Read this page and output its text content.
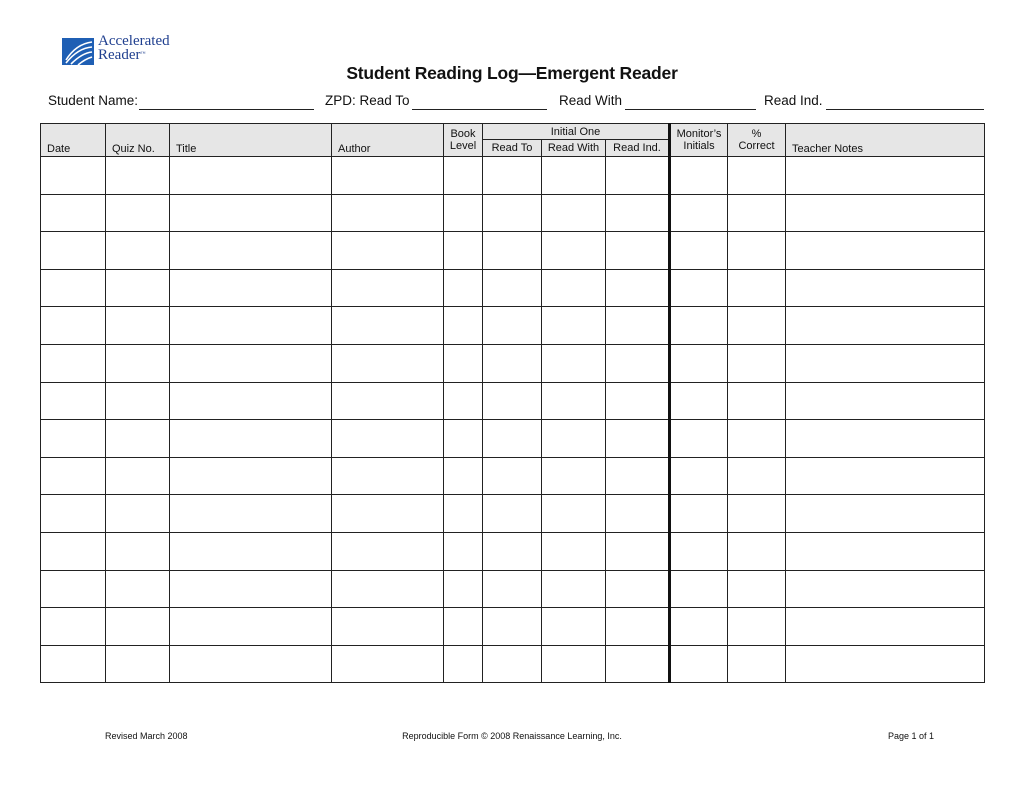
Accelerated
Reader™
Student Reading Log—Emergent Reader
Student Name:	ZPD: Read To	Read With	Read Ind.
Date	Quiz No.	Title	Author	Book	Initial One			Monitor’s	%	Teacher Notes
				Level	Read To	Read With	Read Ind.	Initials	Correct	

Revised March 2008	Reproducible Form © 2008 Renaissance Learning, Inc.	Page 1 of 1
